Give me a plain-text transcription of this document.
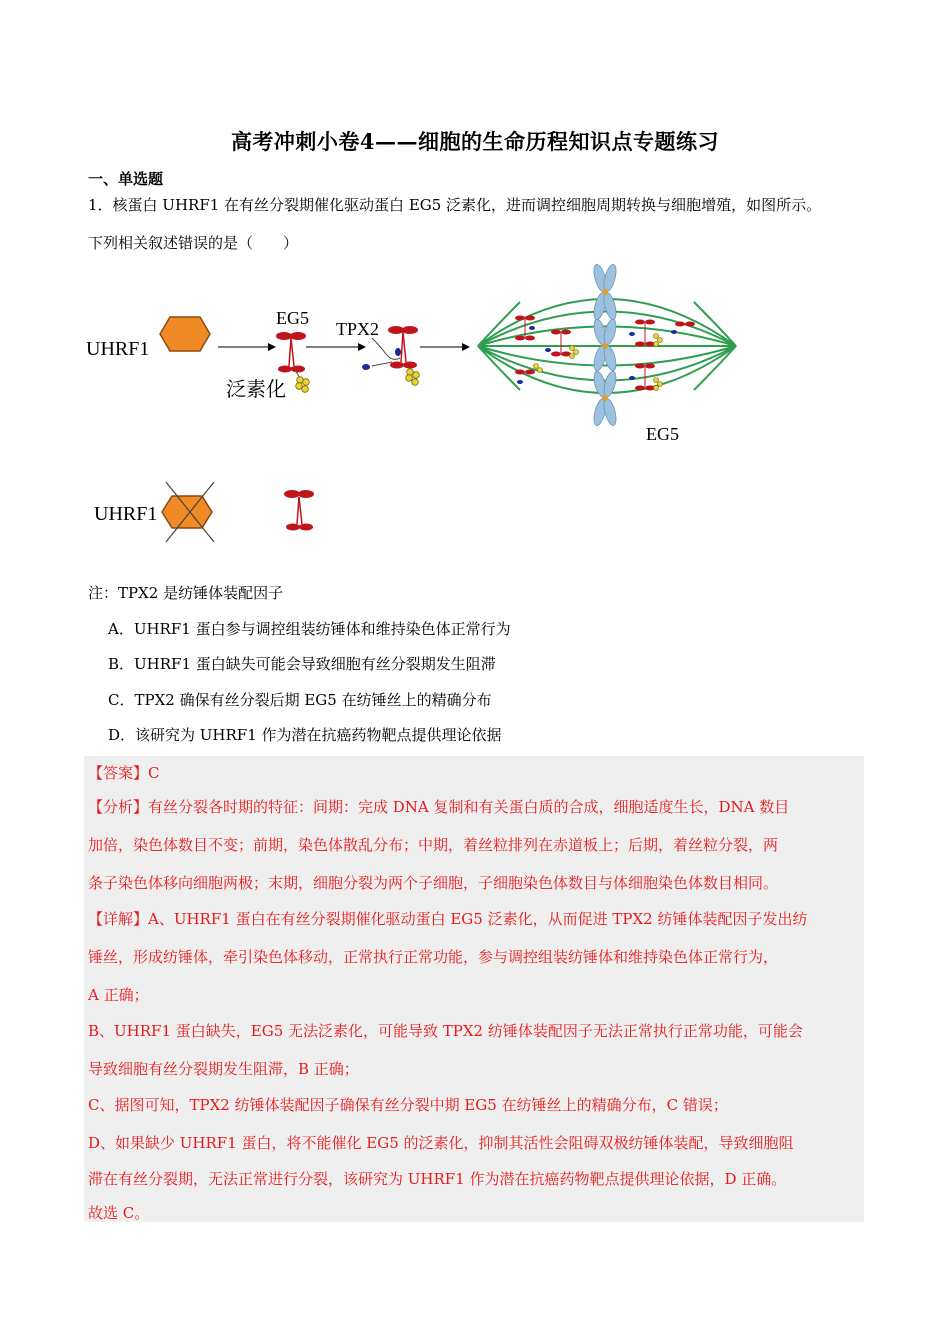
高考冲刺小卷4——细胞的生命历程知识点专题练习
一、单选题
1．核蛋白 UHRF1 在有丝分裂期催化驱动蛋白 EG5 泛素化，进而调控细胞周期转换与细胞增殖，如图所示。
下列相关叙述错误的是（　　）
UHRF1
EG5
泛素化
TPX2
EG5
UHRF1
注：TPX2 是纺锤体装配因子
A．UHRF1 蛋白参与调控组装纺锤体和维持染色体正常行为
B．UHRF1 蛋白缺失可能会导致细胞有丝分裂期发生阻滞
C．TPX2 确保有丝分裂后期 EG5 在纺锤丝上的精确分布
D．该研究为 UHRF1 作为潜在抗癌药物靶点提供理论依据
【答案】C
【分析】有丝分裂各时期的特征：间期：完成 DNA 复制和有关蛋白质的合成，细胞适度生长，DNA 数目
加倍，染色体数目不变；前期，染色体散乱分布；中期，着丝粒排列在赤道板上；后期，着丝粒分裂，两
条子染色体移向细胞两极；末期，细胞分裂为两个子细胞，子细胞染色体数目与体细胞染色体数目相同。
【详解】A、UHRF1 蛋白在有丝分裂期催化驱动蛋白 EG5 泛素化，从而促进 TPX2 纺锤体装配因子发出纺
锤丝，形成纺锤体，牵引染色体移动，正常执行正常功能，参与调控组装纺锤体和维持染色体正常行为，
A 正确；
B、UHRF1 蛋白缺失，EG5 无法泛素化，可能导致 TPX2 纺锤体装配因子无法正常执行正常功能，可能会
导致细胞有丝分裂期发生阻滞，B 正确；
C、据图可知，TPX2 纺锤体装配因子确保有丝分裂中期 EG5 在纺锤丝上的精确分布，C 错误；
D、如果缺少 UHRF1 蛋白，将不能催化 EG5 的泛素化，抑制其活性会阻碍双极纺锤体装配，导致细胞阻
滞在有丝分裂期，无法正常进行分裂，该研究为 UHRF1 作为潜在抗癌药物靶点提供理论依据，D 正确。
故选 C。
